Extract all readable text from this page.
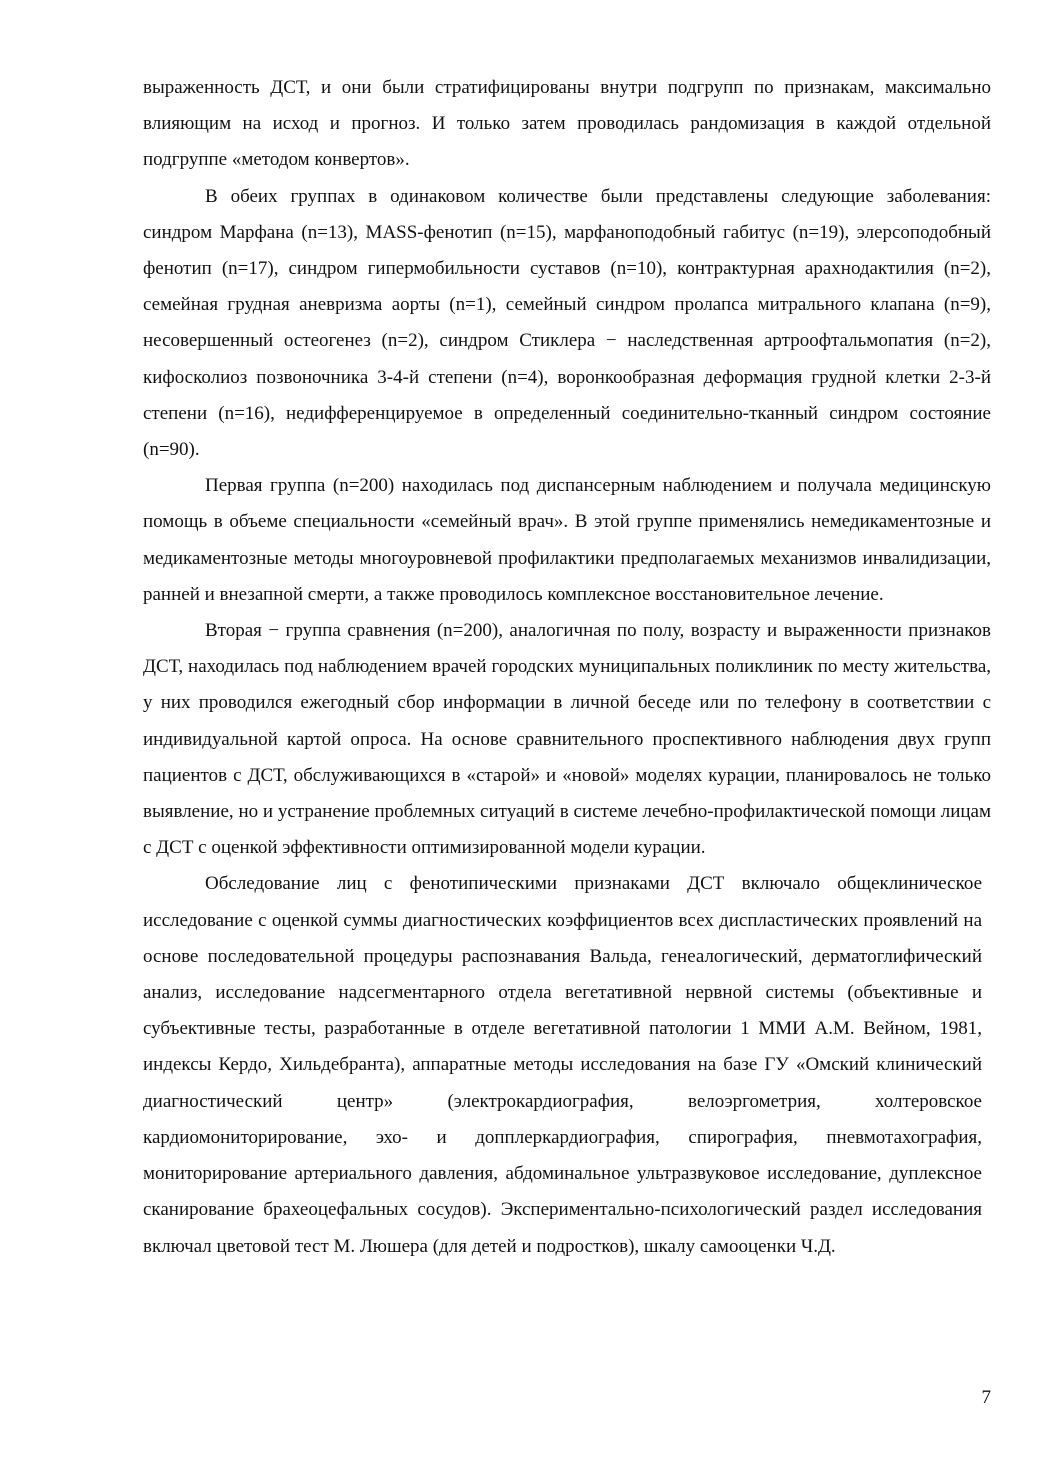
выраженность ДСТ, и они были стратифицированы внутри подгрупп по признакам, максимально влияющим на исход и прогноз. И только затем проводилась рандомизация в каждой отдельной подгруппе «методом конвертов».

В обеих группах в одинаковом количестве были представлены следующие заболевания: синдром Марфана (n=13), MASS-фенотип (n=15), марфаноподобный габитус (n=19), элерсоподобный фенотип (n=17), синдром гипермобильности суставов (n=10), контрактурная арахнодактилия (n=2), семейная грудная аневризма аорты (n=1), семейный синдром пролапса митрального клапана (n=9), несовершенный остеогенез (n=2), синдром Стиклера − наследственная артроофтальмопатия (n=2), кифосколиоз позвоночника 3-4-й степени (n=4), воронкообразная деформация грудной клетки 2-3-й степени (n=16), недифференцируемое в определенный соединительно-тканный синдром состояние (n=90).

Первая группа (n=200) находилась под диспансерным наблюдением и получала медицинскую помощь в объеме специальности «семейный врач». В этой группе применялись немедикаментозные и медикаментозные методы многоуровневой профилактики предполагаемых механизмов инвалидизации, ранней и внезапной смерти, а также проводилось комплексное восстановительное лечение.

Вторая − группа сравнения (n=200), аналогичная по полу, возрасту и выраженности признаков ДСТ, находилась под наблюдением врачей городских муниципальных поликлиник по месту жительства, у них проводился ежегодный сбор информации в личной беседе или по телефону в соответствии с индивидуальной картой опроса. На основе сравнительного проспективного наблюдения двух групп пациентов с ДСТ, обслуживающихся в «старой» и «новой» моделях курации, планировалось не только выявление, но и устранение проблемных ситуаций в системе лечебно-профилактической помощи лицам с ДСТ с оценкой эффективности оптимизированной модели курации.

Обследование лиц с фенотипическими признаками ДСТ включало общеклиническое исследование с оценкой суммы диагностических коэффициентов всех диспластических проявлений на основе последовательной процедуры распознавания Вальда, генеалогический, дерматоглифический анализ, исследование надсегментарного отдела вегетативной нервной системы (объективные и субъективные тесты, разработанные в отделе вегетативной патологии 1 ММИ А.М. Вейном, 1981, индексы Кердо, Хильдебранта), аппаратные методы исследования на базе ГУ «Омский клинический диагностический центр» (электрокардиография, велоэргометрия, холтеровское кардиомониторирование, эхо- и допплеркардиография, спирография, пневмотахография, мониторирование артериального давления, абдоминальное ультразвуковое исследование, дуплексное сканирование брахеоцефальных сосудов). Экспериментально-психологический раздел исследования включал цветовой тест М. Люшера (для детей и подростков), шкалу самооценки Ч.Д.

7
